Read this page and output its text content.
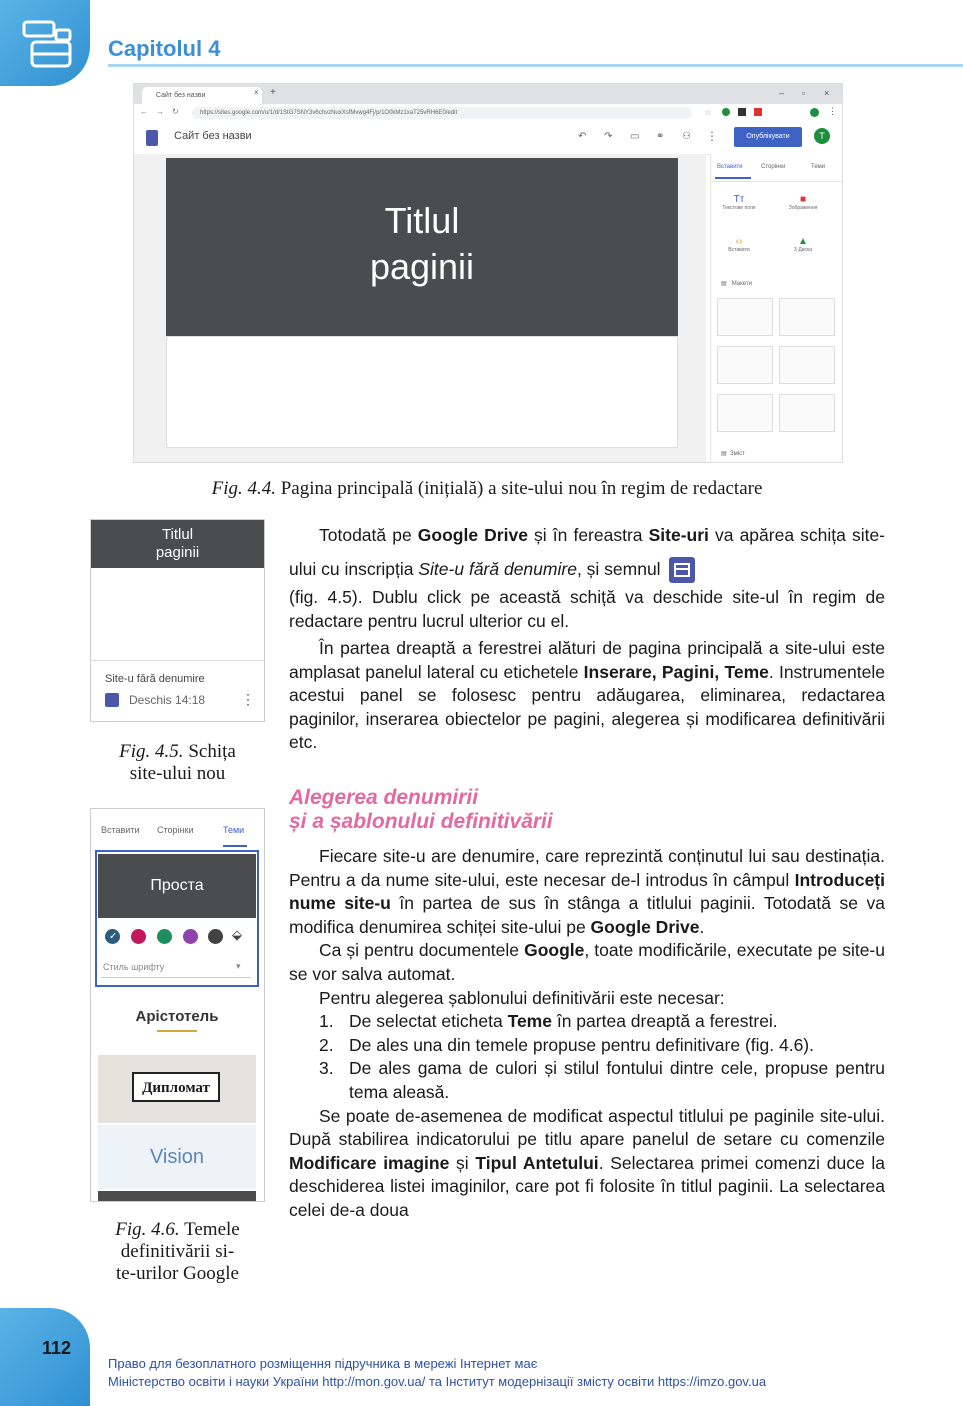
Capitolul 4
Сайт без назви	× +	– ▫ ×
← → ↻	https://sites.google.com/u/1/d/1StG7SNY3v6chvzNuxXsfMvwg4Fj/p/1O0kMz1xaT25vRH6E0/edit	☆	⋮
Сайт без назви	↶ ↷ ▭ ⚭ ⚇ ⋮	Опублікувати	T
Titlul
paginii
Вставити	Сторінки	Теми
Tт
Текстове поле
■
Зображення
‹›
Вставити
▲
З Диска
▤ Макети
▤ Зміст
Fig. 4.4. Pagina principală (inițială) a site-ului nou în regim de redactare
Titlul
paginii
Site-u fără denumire
Deschis 14:18	⋮
Fig. 4.5. Schița
site-ului nou
Вставити Сторінки	Теми
Проста
⬙
✓
Стиль шрифту	▾
Арістотель
Дипломат
Vision
Fig. 4.6. Temele
definitivării si-
te-urilor Google

Totodată pe Google Drive și în fereastra Site-uri va apărea schița site-ului cu inscripția Site-u fără denumire, și semnul

(fig. 4.5). Dublu click pe această schiță va deschide site-ul în regim de redactare pentru lucrul ulterior cu el.

În partea dreaptă a ferestrei alături de pagina principală a site-ului este amplasat panelul lateral cu etichetele Inserare, Pagini, Teme. Instrumentele acestui panel se folosesc pentru adăugarea, eliminarea, redactarea paginilor, inserarea obiectelor pe pagini, alegerea și modificarea definitivării etc.

Alegerea denumirii
și a șablonului definitivării

Fiecare site-u are denumire, care reprezintă conținutul lui sau destinația. Pentru a da nume site-ului, este necesar de-l introdus în câmpul Introduceți nume site-u în partea de sus în stânga a titlului paginii. Totodată se va modifica denumirea schiței site-ului pe Google Drive.

Ca și pentru documentele Google, toate modificările, executate pe site-u se vor salva automat.

Pentru alegerea șablonului definitivării este necesar:

1. De selectat eticheta Teme în partea dreaptă a ferestrei.

2. De ales una din temele propuse pentru definitivare (fig. 4.6).

3. De ales gama de culori și stilul fontului dintre cele, propuse pentru tema aleasă.

Se poate de-asemenea de modificat aspectul titlului pe paginile site-ului. După stabilirea indicatorului pe titlu apare panelul de setare cu comenzile Modificare imagine și Tipul Antetului. Selectarea primei comenzi duce la deschiderea listei imaginilor, care pot fi folosite în titlul paginii. La selectarea celei de-a doua

112
Право для безоплатного розміщення підручника в мережі Інтернет має
Міністерство освіти і науки України http://mon.gov.ua/ та Інститут модернізації змісту освіти https://imzo.gov.ua
